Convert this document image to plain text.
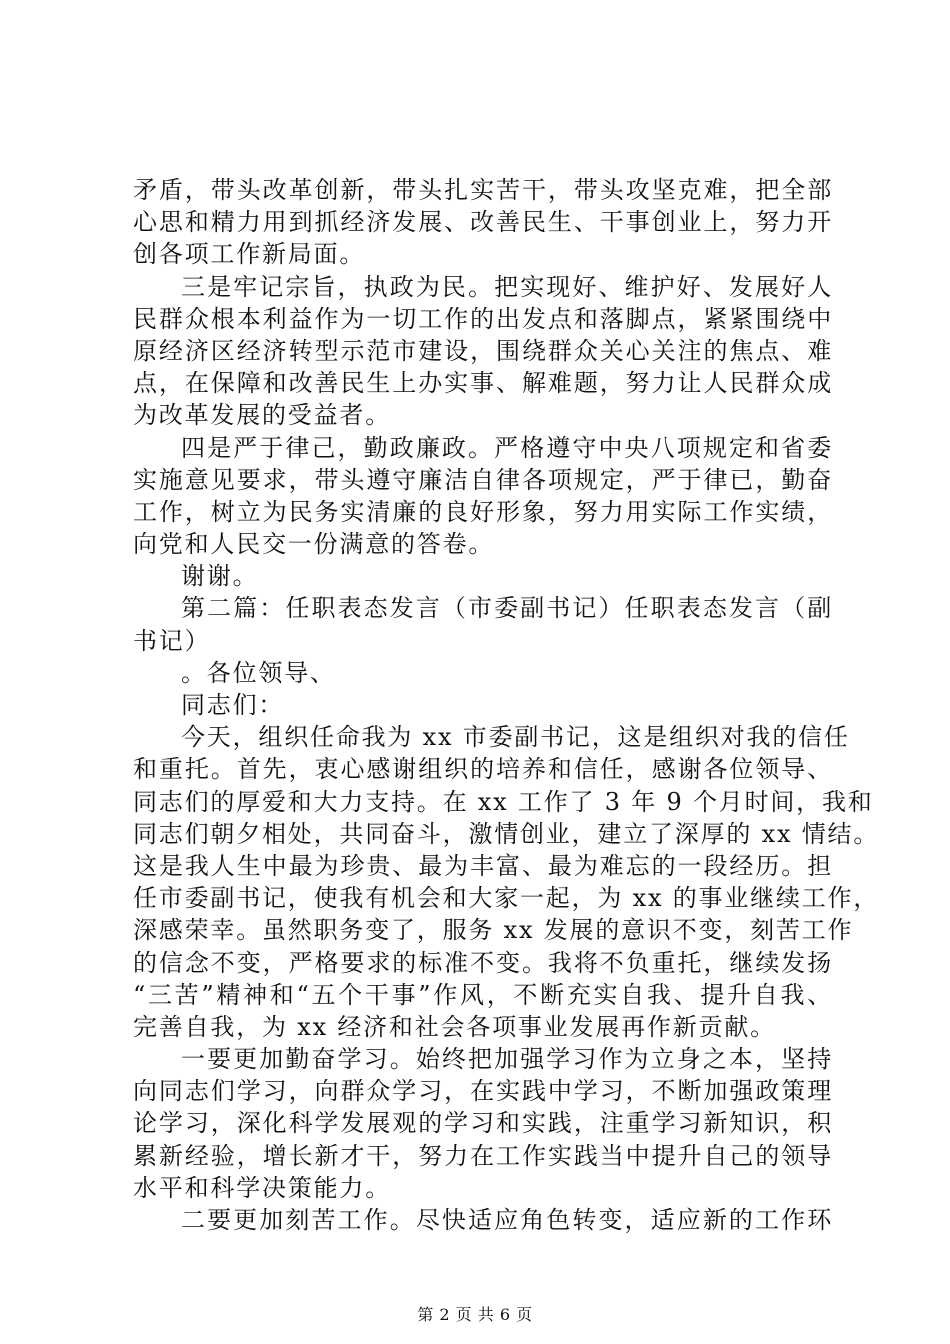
矛盾，带头改革创新，带头扎实苦干，带头攻坚克难，把全部
心思和精力用到抓经济发展、改善民生、干事创业上，努力开
创各项工作新局面。
三是牢记宗旨，执政为民。把实现好、维护好、发展好人
民群众根本利益作为一切工作的出发点和落脚点，紧紧围绕中
原经济区经济转型示范市建设，围绕群众关心关注的焦点、难
点，在保障和改善民生上办实事、解难题，努力让人民群众成
为改革发展的受益者。
四是严于律己，勤政廉政。严格遵守中央八项规定和省委
实施意见要求，带头遵守廉洁自律各项规定，严于律已，勤奋
工作，树立为民务实清廉的良好形象，努力用实际工作实绩，
向党和人民交一份满意的答卷。
谢谢。
第二篇：任职表态发言（市委副书记）任职表态发言（副
书记）
。各位领导、
同志们：
今天，组织任命我为 xx 市委副书记，这是组织对我的信任
和重托。首先，衷心感谢组织的培养和信任，感谢各位领导、
同志们的厚爱和大力支持。在 xx 工作了 3 年 9 个月时间，我和
同志们朝夕相处，共同奋斗，激情创业，建立了深厚的 xx 情结。
这是我人生中最为珍贵、最为丰富、最为难忘的一段经历。担
任市委副书记，使我有机会和大家一起，为 xx 的事业继续工作，
深感荣幸。虽然职务变了，服务 xx 发展的意识不变，刻苦工作
的信念不变，严格要求的标准不变。我将不负重托，继续发扬
“三苦”精神和“五个干事”作风，不断充实自我、提升自我、
完善自我，为 xx 经济和社会各项事业发展再作新贡献。
一要更加勤奋学习。始终把加强学习作为立身之本，坚持
向同志们学习，向群众学习，在实践中学习，不断加强政策理
论学习，深化科学发展观的学习和实践，注重学习新知识，积
累新经验，增长新才干，努力在工作实践当中提升自己的领导
水平和科学决策能力。
二要更加刻苦工作。尽快适应角色转变，适应新的工作环
第 2 页 共 6 页
